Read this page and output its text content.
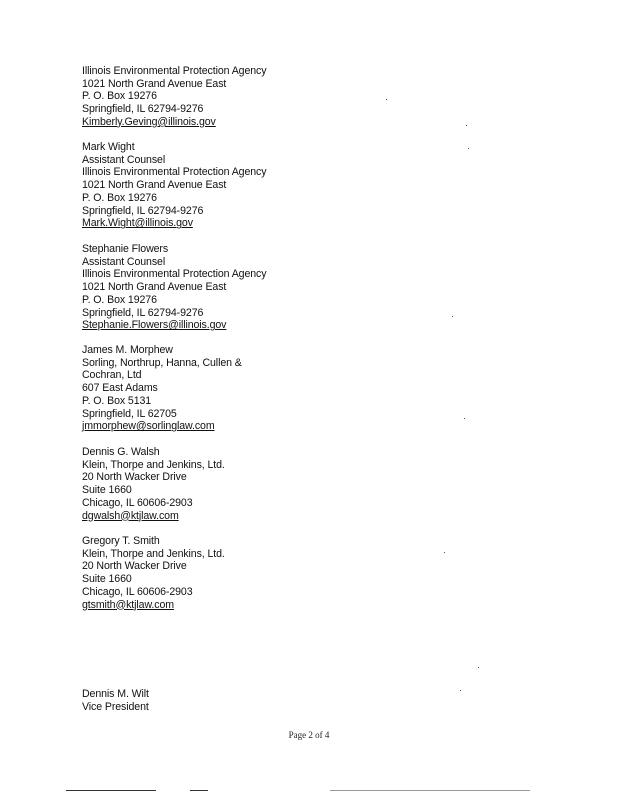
Illinois Environmental Protection Agency
1021 North Grand Avenue East
P. O. Box 19276
Springfield, IL 62794-9276
Kimberly.Geving@illinois.gov
Mark Wight
Assistant Counsel
Illinois Environmental Protection Agency
1021 North Grand Avenue East
P. O. Box 19276
Springfield, IL 62794-9276
Mark.Wight@illinois.gov
Stephanie Flowers
Assistant Counsel
Illinois Environmental Protection Agency
1021 North Grand Avenue East
P. O. Box 19276
Springfield, IL 62794-9276
Stephanie.Flowers@illinois.gov
James M. Morphew
Sorling, Northrup, Hanna, Cullen &
Cochran, Ltd
607 East Adams
P. O. Box 5131
Springfield, IL 62705
jmmorphew@sorlinglaw.com
Dennis G. Walsh
Klein, Thorpe and Jenkins, Ltd.
20 North Wacker Drive
Suite 1660
Chicago, IL 60606-2903
dgwalsh@ktjlaw.com
Gregory T. Smith
Klein, Thorpe and Jenkins, Ltd.
20 North Wacker Drive
Suite 1660
Chicago, IL 60606-2903
gtsmith@ktjlaw.com
Dennis M. Wilt
Vice President
Page 2 of 4
